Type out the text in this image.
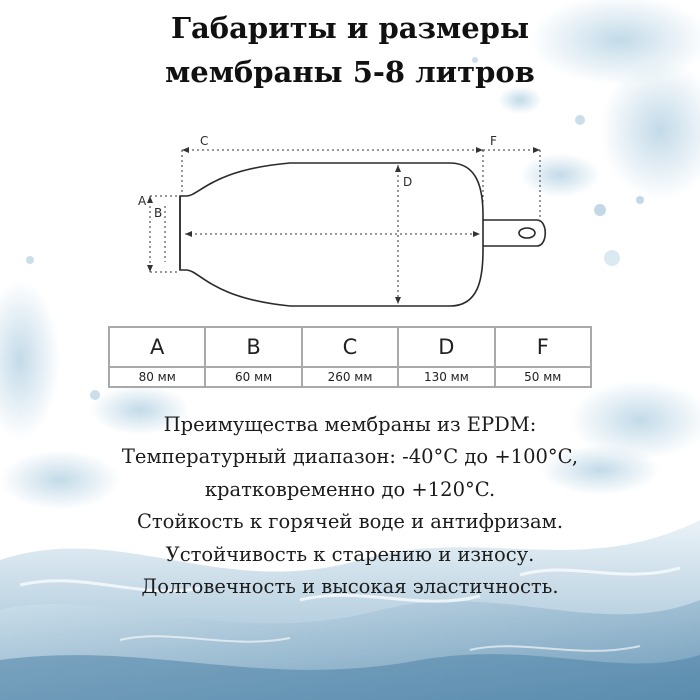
Габариты и размеры
мембраны 5-8 литров
C	F
A
B
D
A	B	C	D	F
80 мм	60 мм	260 мм	130 мм	50 мм
Преимущества мембраны из EPDM:
Температурный диапазон: -40°C до +100°C,
кратковременно до +120°C.
Стойкость к горячей воде и антифризам.
Устойчивость к старению и износу.
Долговечность и высокая эластичность.
